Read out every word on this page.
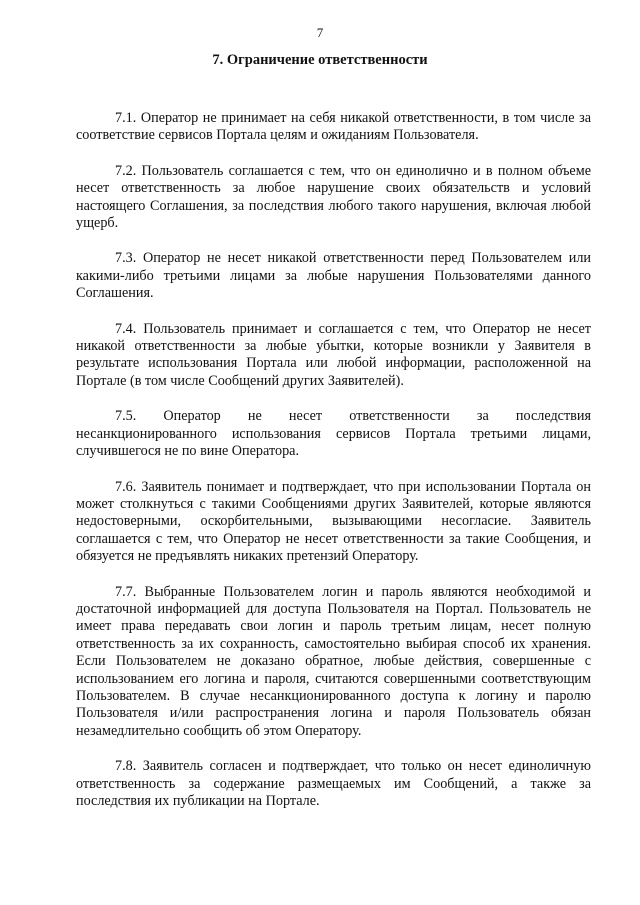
7
7. Ограничение ответственности

7.1. Оператор не принимает на себя никакой ответственности, в том числе за соответствие сервисов Портала целям и ожиданиям Пользователя.

7.2. Пользователь соглашается с тем, что он единолично и в полном объеме несет ответственность за любое нарушение своих обязательств и условий настоящего Соглашения, за последствия любого такого нарушения, включая любой ущерб.

7.3. Оператор не несет никакой ответственности перед Пользователем или какими-либо третьими лицами за любые нарушения Пользователями данного Соглашения.

7.4. Пользователь принимает и соглашается с тем, что Оператор не несет никакой ответственности за любые убытки, которые возникли у Заявителя в результате использования Портала или любой информации, расположенной на Портале (в том числе Сообщений других Заявителей).

7.5. Оператор не несет ответственности за последствия несанкционированного использования сервисов Портала третьими лицами, случившегося не по вине Оператора.

7.6. Заявитель понимает и подтверждает, что при использовании Портала он может столкнуться с такими Сообщениями других Заявителей, которые являются недостоверными, оскорбительными, вызывающими несогласие. Заявитель соглашается с тем, что Оператор не несет ответственности за такие Сообщения, и обязуется не предъявлять никаких претензий Оператору.

7.7. Выбранные Пользователем логин и пароль являются необходимой и достаточной информацией для доступа Пользователя на Портал. Пользователь не имеет права передавать свои логин и пароль третьим лицам, несет полную ответственность за их сохранность, самостоятельно выбирая способ их хранения. Если Пользователем не доказано обратное, любые действия, совершенные с использованием его логина и пароля, считаются совершенными соответствующим Пользователем. В случае несанкционированного доступа к логину и паролю Пользователя и/или распространения логина и пароля Пользователь обязан незамедлительно сообщить об этом Оператору.

7.8. Заявитель согласен и подтверждает, что только он несет единоличную ответственность за содержание размещаемых им Сообщений, а также за последствия их публикации на Портале.
